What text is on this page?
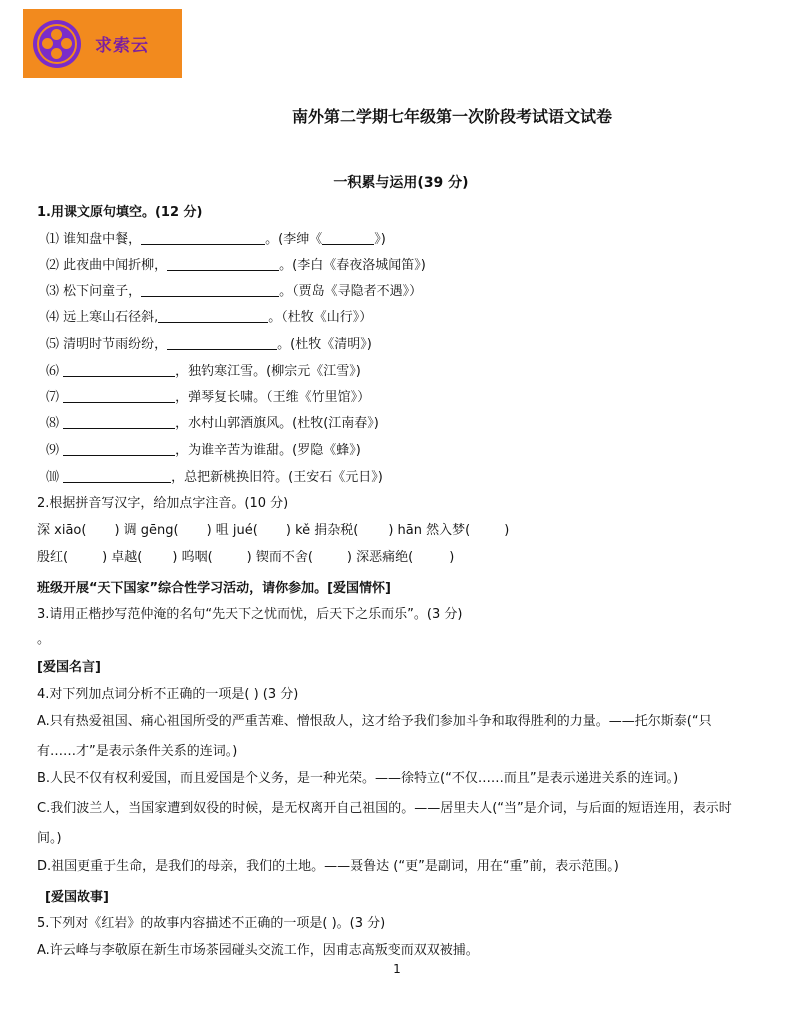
求索云
南外第二学期七年级第一次阶段考试语文试卷
一积累与运用(39 分)
1.用课文原句填空。(12 分)
⑴ 谁知盘中餐，	。(李绅《	》)
⑵ 此夜曲中闻折柳，	。(李白《春夜洛城闻笛》)
⑶ 松下问童子，	。（贾岛《寻隐者不遇》）
⑷ 远上寒山石径斜,	。（杜牧《山行》）
⑸ 清明时节雨纷纷，	。(杜牧《清明》)
⑹	，独钓寒江雪。(柳宗元《江雪》)
⑺	，弹琴复长啸。（王维《竹里馆》）
⑻	，水村山郭酒旗风。(杜牧(江南春》)
⑼	，为谁辛苦为谁甜。(罗隐《蜂》)
⑽	，总把新桃换旧符。(王安石《元日》)
2.根据拼音写汉字，给加点字注音。(10 分)
深 xiāo( ) 调 gēng( ) 咀 jué( ) kě 捐杂税( ) hān 然入梦(	)
殷红(	) 卓越( ) 呜咽(	) 锲而不舍(	) 深恶痛绝(	)
班级开展“天下国家”综合性学习活动，请你参加。[爱国情怀]
3.请用正楷抄写范仲淹的名句“先天下之忧而忧，后天下之乐而乐”。(3 分)
。
[爱国名言]
4.对下列加点词分析不正确的一项是( ) (3 分)
A.只有热爱祖国、痛心祖国所受的严重苦难、憎恨敌人，这才给予我们参加斗争和取得胜利的力量。——托尔斯泰(“只
有……才”是表示条件关系的连词。)
B.人民不仅有权利爱国，而且爱国是个义务，是一种光荣。——徐特立(“不仅……而且”是表示递进关系的连词。)
C.我们波兰人，当国家遭到奴役的时候，是无权离开自己祖国的。——居里夫人(“当”是介词，与后面的短语连用，表示时
间。)
D.祖国更重于生命，是我们的母亲，我们的土地。——聂鲁达 (“更”是副词，用在“重”前，表示范围。)
[爱国故事]
5.下列对《红岩》的故事内容描述不正确的一项是( )。(3 分)
A.许云峰与李敬原在新生市场茶园碰头交流工作，因甫志高叛变而双双被捕。
1
